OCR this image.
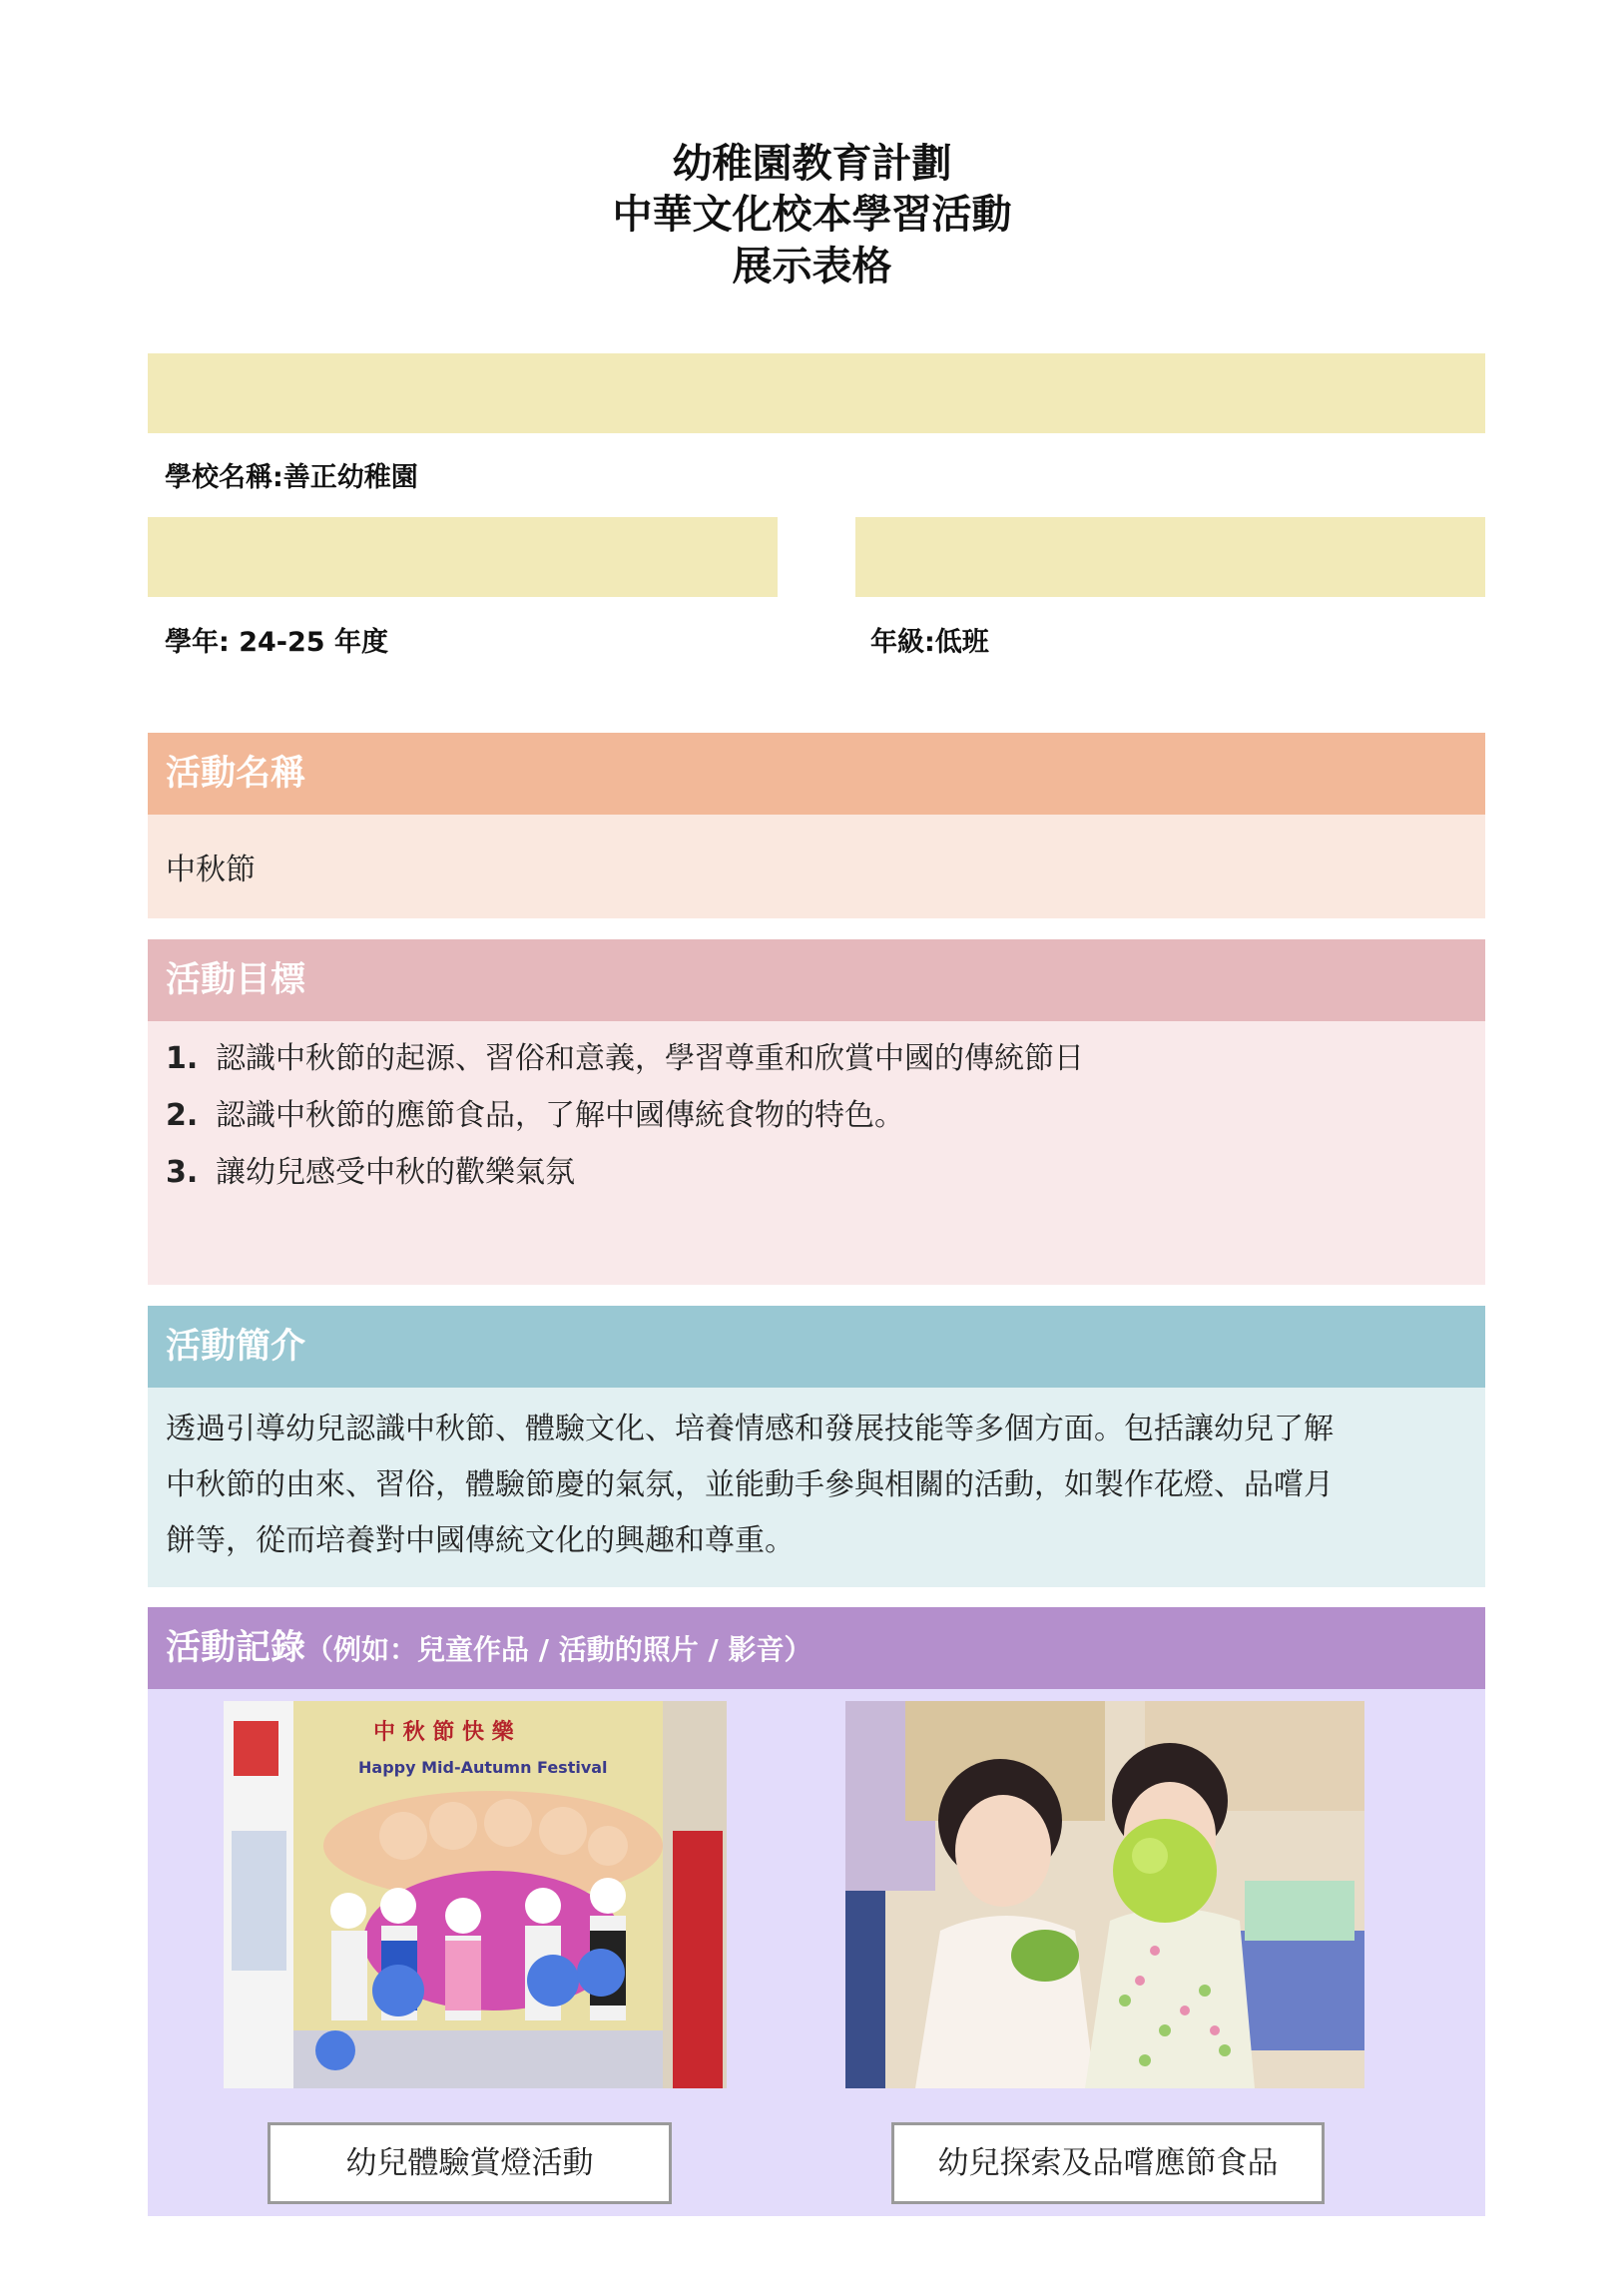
幼稚園教育計劃
中華文化校本學習活動
展示表格
學校名稱:善正幼稚園
學年: 24-25 年度	年級:低班
活動名稱
中秋節
活動目標
1. 認識中秋節的起源、習俗和意義，學習尊重和欣賞中國的傳統節日
2. 認識中秋節的應節食品，了解中國傳統食物的特色。
3. 讓幼兒感受中秋的歡樂氣氛
活動簡介
透過引導幼兒認識中秋節、體驗文化、培養情感和發展技能等多個方面。包括讓幼兒了解
中秋節的由來、習俗，體驗節慶的氣氛，並能動手參與相關的活動，如製作花燈、品嚐月
餅等，從而培養對中國傳統文化的興趣和尊重。
活動記錄（例如：兒童作品 / 活動的照片 / 影音）
中 秋 節 快 樂
Happy Mid-Autumn Festival
幼兒體驗賞燈活動	幼兒探索及品嚐應節食品
